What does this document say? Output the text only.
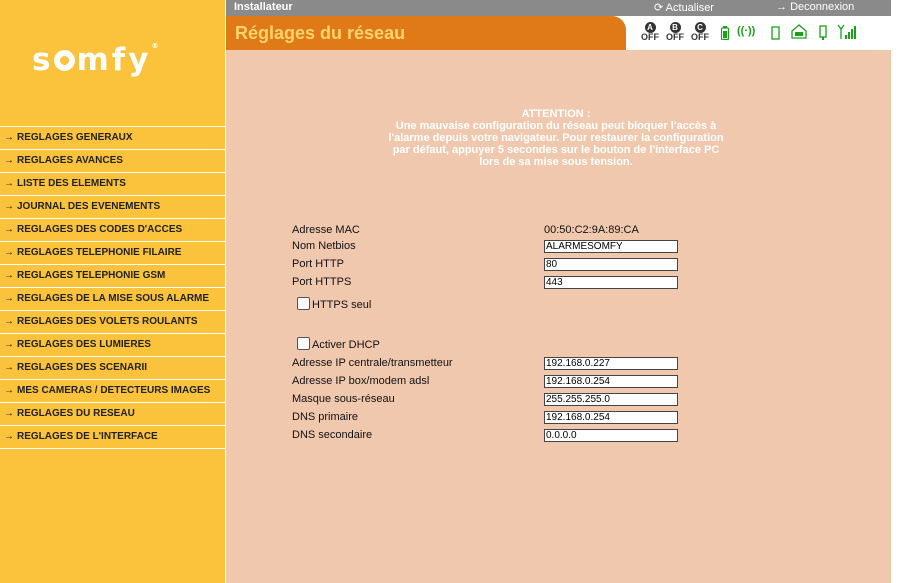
s mfy®
→ REGLAGES GENERAUX
→ REGLAGES AVANCES
→ LISTE DES ELEMENTS
→ JOURNAL DES EVENEMENTS
→ REGLAGES DES CODES D'ACCES
→ REGLAGES TELEPHONIE FILAIRE
→ REGLAGES TELEPHONIE GSM
→ REGLAGES DE LA MISE SOUS ALARME
→ REGLAGES DES VOLETS ROULANTS
→ REGLAGES DES LUMIERES
→ REGLAGES DES SCENARII
→ MES CAMERAS / DETECTEURS IMAGES
→ REGLAGES DU RESEAU
→ REGLAGES DE L'INTERFACE
Installateur	⟳ Actualiser	→ Deconnexion
Réglages du réseau	A
OFF
B
OFF
C
OFF	((·))
ATTENTION :
Une mauvaise configuration du réseau peut bloquer l'accès à l'alarme depuis votre navigateur. Pour restaurer la configuration par défaut, appuyer 5 secondes sur le bouton de l'interface PC lors de sa mise sous tension.
Adresse MAC	00:50:C2:9A:89:CA
Nom Netbios	ALARMESOMFY
Port HTTP	80
Port HTTPS	443
HTTPS seul
Activer DHCP
Adresse IP centrale/transmetteur	192.168.0.227
Adresse IP box/modem adsl	192.168.0.254
Masque sous-réseau	255.255.255.0
DNS primaire	192.168.0.254
DNS secondaire	0.0.0.0
